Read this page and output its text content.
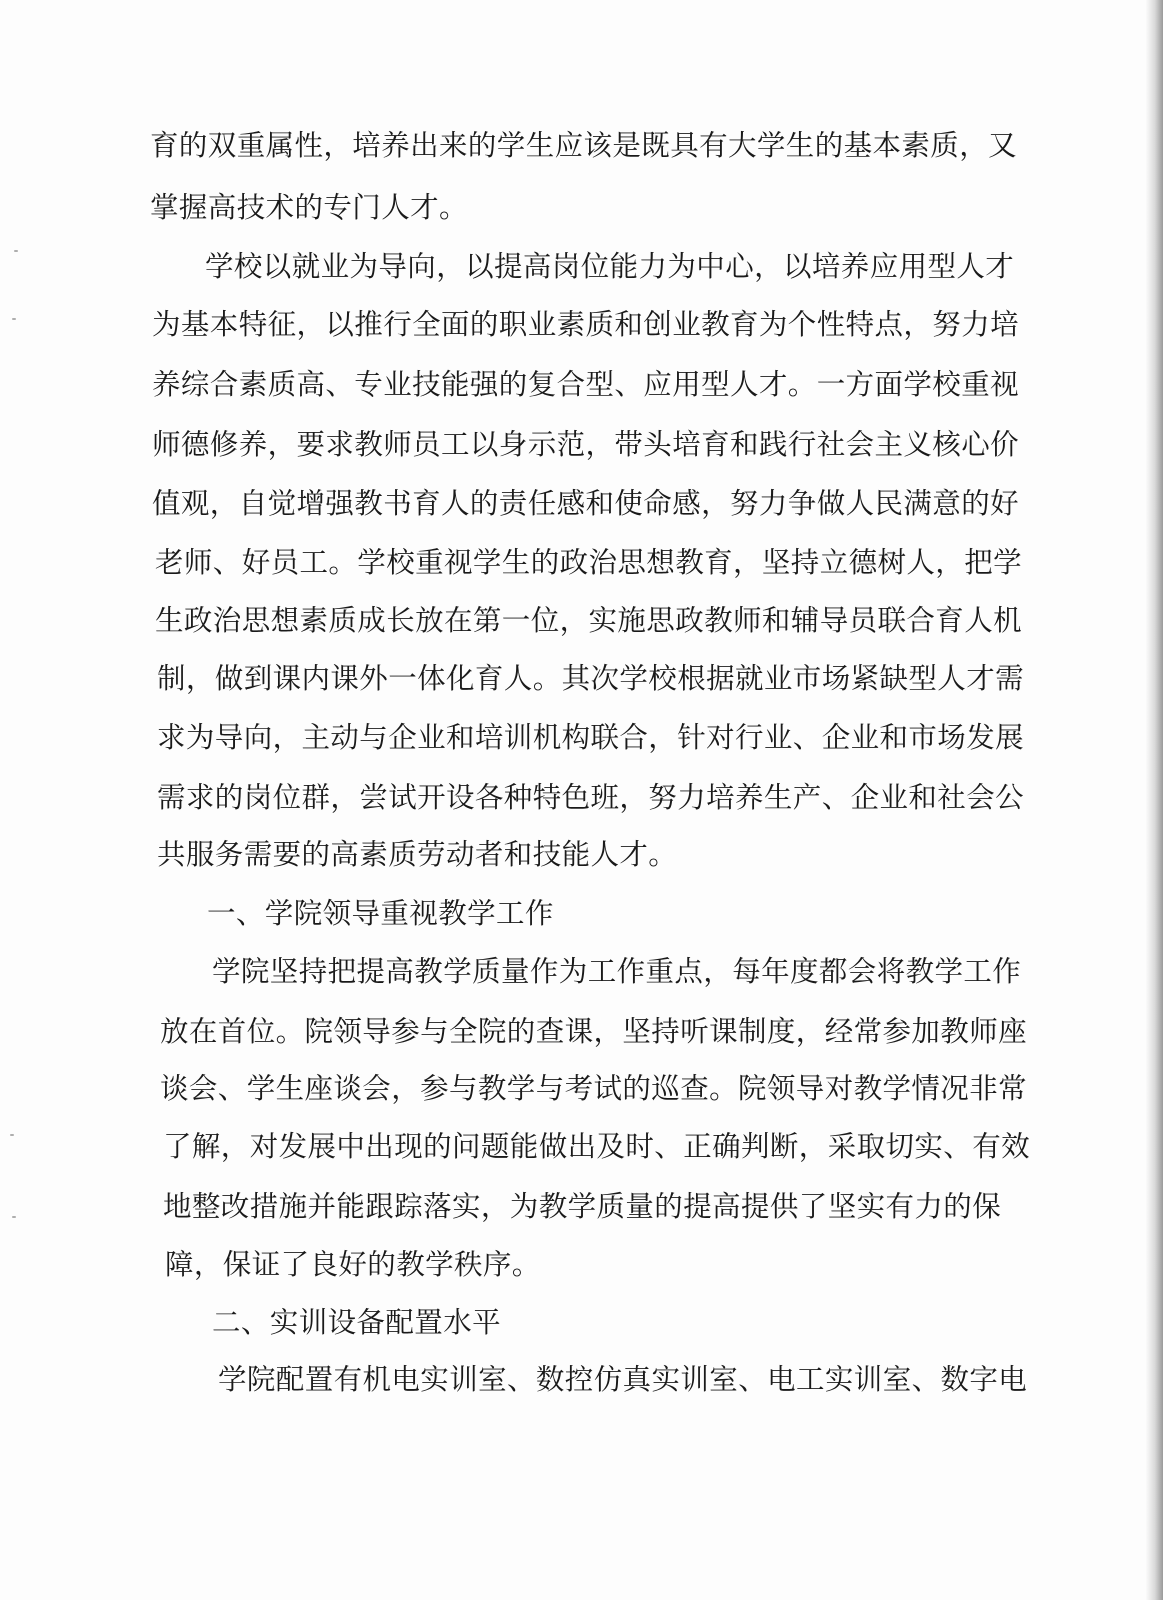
育的双重属性，培养出来的学生应该是既具有大学生的基本素质，又
掌握高技术的专门人才。
学校以就业为导向，以提高岗位能力为中心，以培养应用型人才
为基本特征，以推行全面的职业素质和创业教育为个性特点，努力培
养综合素质高、专业技能强的复合型、应用型人才。一方面学校重视
师德修养，要求教师员工以身示范，带头培育和践行社会主义核心价
值观，自觉增强教书育人的责任感和使命感，努力争做人民满意的好
老师、好员工。学校重视学生的政治思想教育，坚持立德树人，把学
生政治思想素质成长放在第一位，实施思政教师和辅导员联合育人机
制，做到课内课外一体化育人。其次学校根据就业市场紧缺型人才需
求为导向，主动与企业和培训机构联合，针对行业、企业和市场发展
需求的岗位群，尝试开设各种特色班，努力培养生产、企业和社会公
共服务需要的高素质劳动者和技能人才。
一、学院领导重视教学工作
学院坚持把提高教学质量作为工作重点，每年度都会将教学工作
放在首位。院领导参与全院的查课，坚持听课制度，经常参加教师座
谈会、学生座谈会，参与教学与考试的巡查。院领导对教学情况非常
了解，对发展中出现的问题能做出及时、正确判断，采取切实、有效
地整改措施并能跟踪落实，为教学质量的提高提供了坚实有力的保
障，保证了良好的教学秩序。
二、实训设备配置水平
学院配置有机电实训室、数控仿真实训室、电工实训室、数字电
